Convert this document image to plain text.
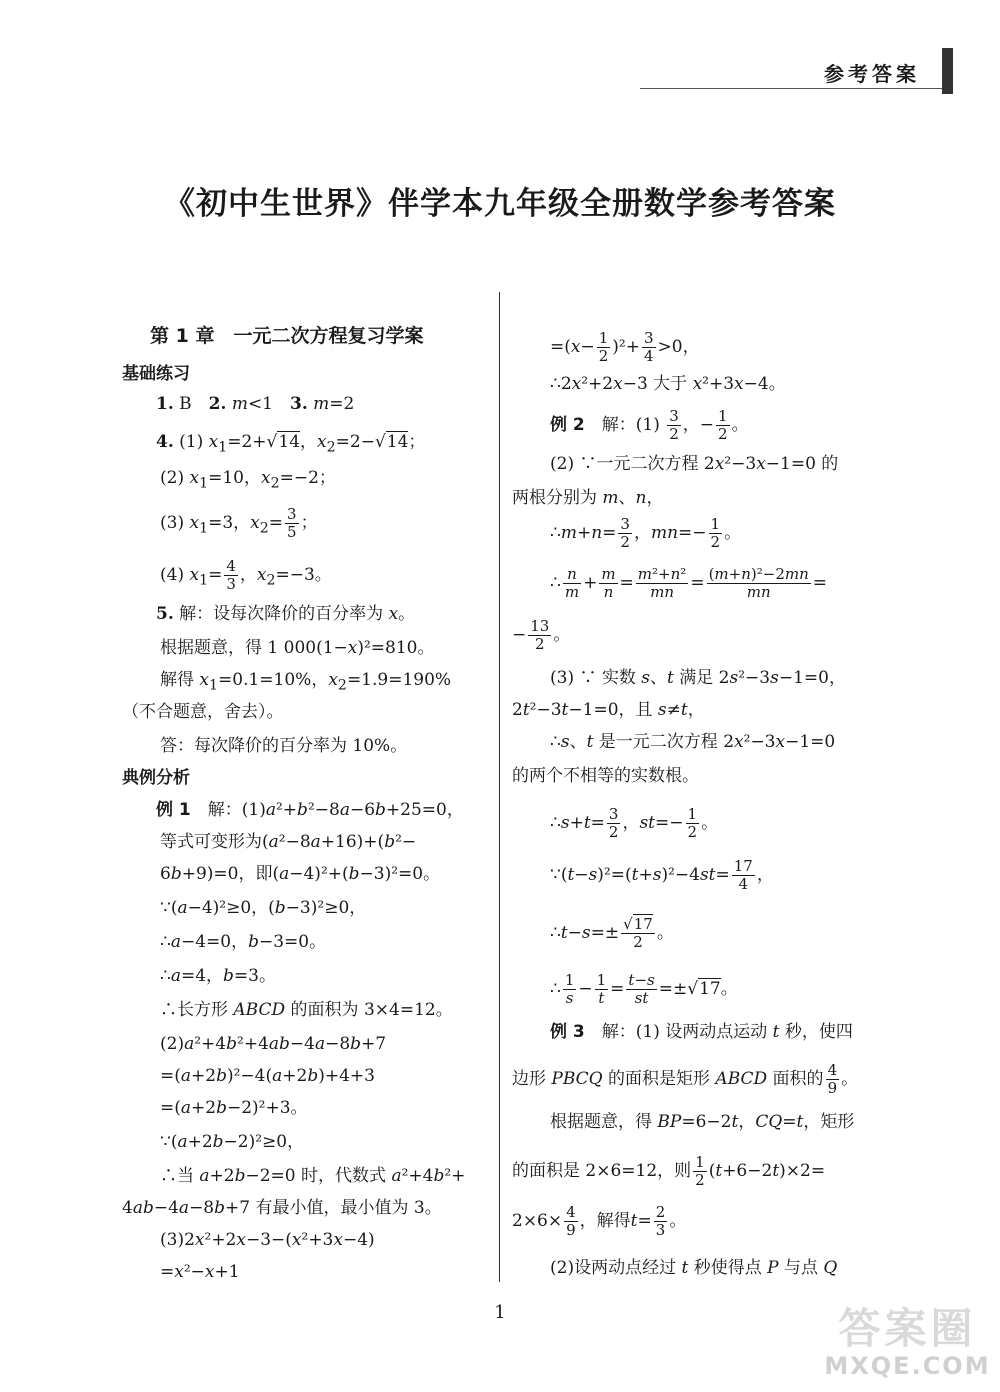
参考答案
《初中生世界》伴学本九年级全册数学参考答案
第 1 章　一元二次方程复习学案
基础练习
1. B　2. m<1　3. m=2
4. (1) $x_1=2+√14$，$x_2=2-√14$；
(2) $x_1=10$，$x_2=-2$；
(3) $x_1=3$，$x_2= \frac{3}{5}$ ；
(4) $x_1= \frac{4}{3}$ ，$x_2=-3$。
5. 解：设每次降价的百分率为 x。
根据题意，得 1 000(1−x)²=810。
解得 $x_1=0.1=10\%$，$x_2=1.9=190\%$
（不合题意，舍去）。
答：每次降价的百分率为 10%。
典例分析
例 1　解：(1)a²+b²−8a−6b+25=0，
等式可变形为(a²−8a+16)+(b²−
6b+9)=0，即(a−4)²+(b−3)²=0。
∵(a−4)²≥0，(b−3)²≥0，
∴a−4=0，b−3=0。
∴a=4，b=3。
∴长方形 ABCD 的面积为 3×4=12。
(2)a²+4b²+4ab−4a−8b+7
=(a+2b)²−4(a+2b)+4+3
=(a+2b−2)²+3。
∵(a+2b−2)²≥0，
∴当 a+2b−2=0 时，代数式 a²+4b²+
4ab−4a−8b+7 有最小值，最小值为 3。
(3)2x²+2x−3−(x²+3x−4)
=x²−x+1
$=(x- \frac{1}{2} )^2+ \frac{3}{4} >0$，
∴2x²+2x−3 大于 x²+3x−4。
例 2　解：$(1) \frac{3}{2}$ ，− $\frac{1}{2}$ 。
(2) ∵一元二次方程 2x²−3x−1=0 的
两根分别为 m、n，
∴m+n= $\frac{3}{2}$ ，$mn=- \frac{1}{2}$ 。
∴ $\frac{n}{m} + \frac{m}{n} = \frac{\text{m²+n²}}{mn} = \frac{\text{(m+n)²−2mn}}{mn}$ =
− $\frac{13}{2}$ 。
(3) ∵ 实数 s、t 满足 2s²−3s−1=0，
2t²−3t−1=0，且 s≠t，
∴s、t 是一元二次方程 2x²−3x−1=0
的两个不相等的实数根。
∴s+t= $\frac{3}{2}$ ，$st=- \frac{1}{2}$ 。
∵(t−s)²=(t+s)²−4st= $\frac{17}{4}$ ，
∴t−s=± $\frac{√17}{2}$ 。
∴ $\frac{1}{s} - \frac{1}{t} = \frac{t-s}{st} =\pm√17$。
例 3　解：(1) 设两动点运动 t 秒，使四
边形 PBCQ 的面积是矩形 ABCD 面积的 $\frac{4}{9}$ 。
根据题意，得 BP=6−2t，CQ=t，矩形
的面积是 2×6=12，则 $\frac{1}{2} (t+6-2t)\times 2=$
$2\times 6\times \frac{4}{9}$ ，解得$t= \frac{2}{3}$ 。
(2)设两动点经过 t 秒使得点 P 与点 Q
1	答案圈
MXQE.COM
